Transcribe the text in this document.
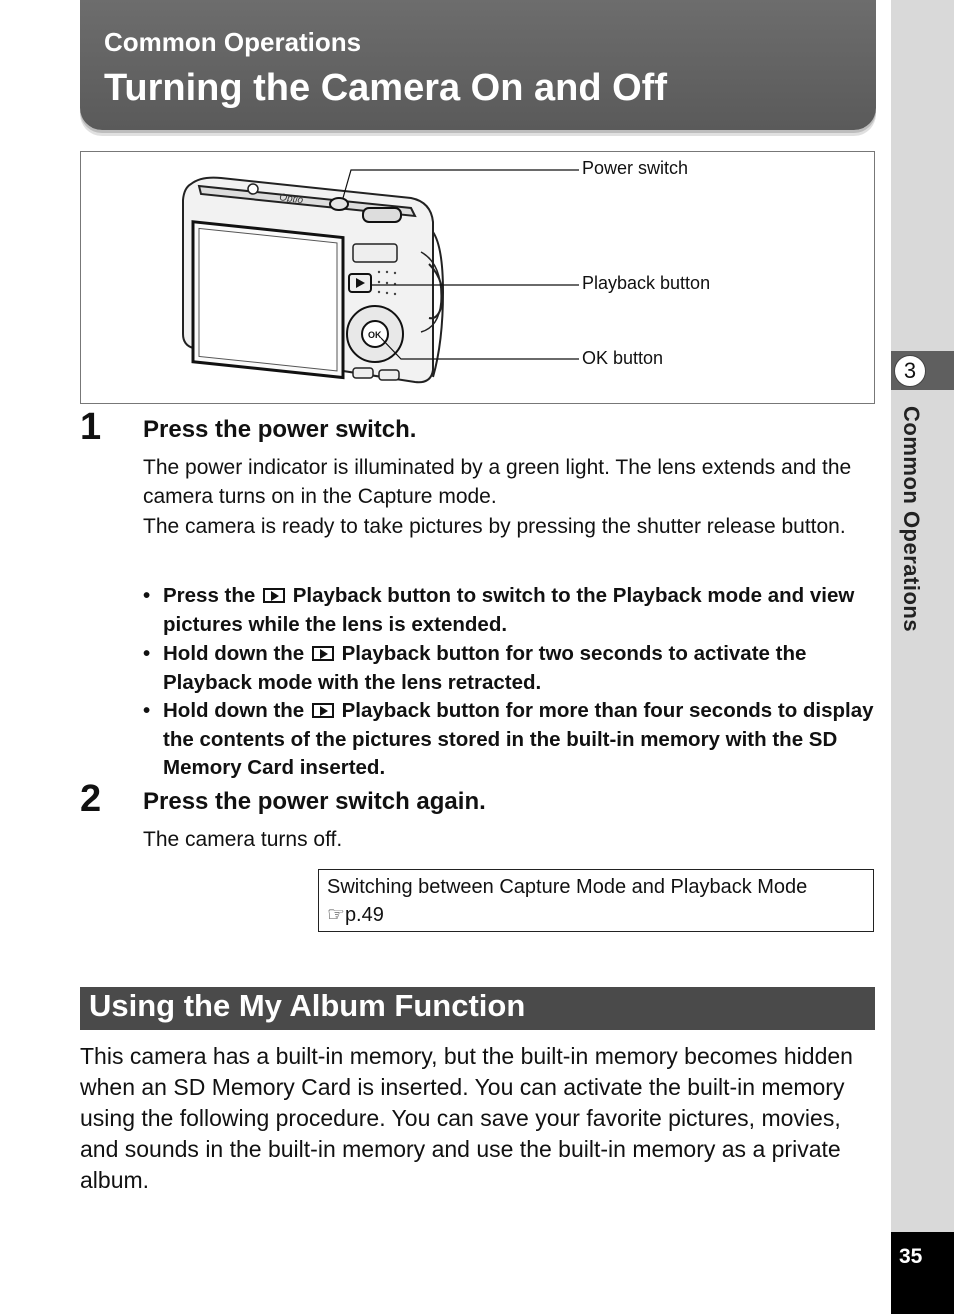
Common Operations
Turning the Camera On and Off
3
Common Operations
35
Optio
OK
Power switch
Playback button
OK button
1 Press the power switch.
The power indicator is illuminated by a green light. The lens extends and the camera turns on in the Capture mode.
The camera is ready to take pictures by pressing the shutter release button.
• Press the Playback button to switch to the Playback mode and view pictures while the lens is extended.
• Hold down the Playback button for two seconds to activate the Playback mode with the lens retracted.
• Hold down the Playback button for more than four seconds to display the contents of the pictures stored in the built-in memory with the SD Memory Card inserted.
2 Press the power switch again.
The camera turns off.
Switching between Capture Mode and Playback Mode
☞p.49
Using the My Album Function
This camera has a built-in memory, but the built-in memory becomes hidden when an SD Memory Card is inserted. You can activate the built-in memory using the following procedure. You can save your favorite pictures, movies, and sounds in the built-in memory and use the built-in memory as a private album.
